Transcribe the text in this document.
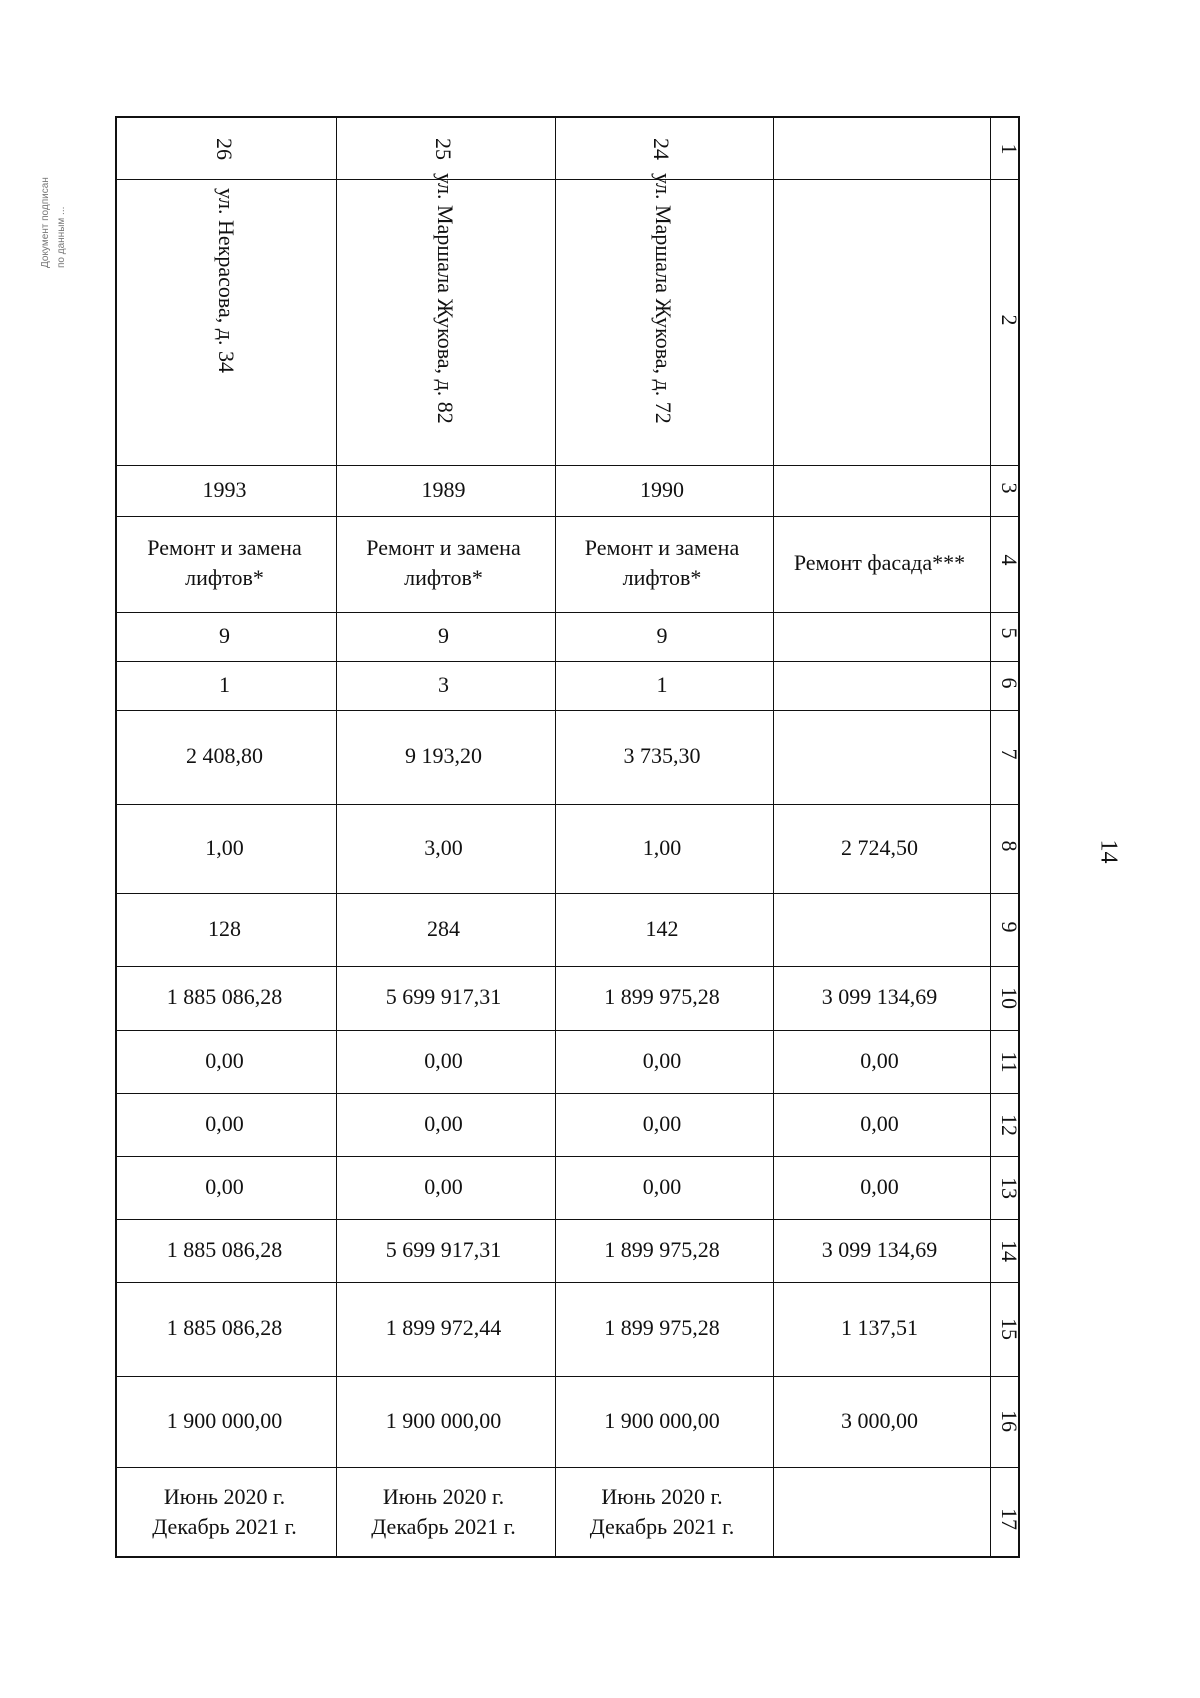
Документ подписан по данным ...
14
1
2
3
4
5
6
7
8
9
10
11
12
13
14
15
16
17
26
ул. Некрасова, д. 34
1993
Ремонт и замена
лифтов*
9
1
2 408,80
1,00
128
1 885 086,28
0,00
0,00
0,00
1 885 086,28
1 885 086,28
1 900 000,00
Июнь 2020 г.
Декабрь 2021 г.
25
ул. Маршала Жукова, д. 82
1989
Ремонт и замена
лифтов*
9
3
9 193,20
3,00
284
5 699 917,31
0,00
0,00
0,00
5 699 917,31
1 899 972,44
1 900 000,00
Июнь 2020 г.
Декабрь 2021 г.
24
ул. Маршала Жукова, д. 72
1990
Ремонт и замена
лифтов*
9
1
3 735,30
1,00
142
1 899 975,28
0,00
0,00
0,00
1 899 975,28
1 899 975,28
1 900 000,00
Июнь 2020 г.
Декабрь 2021 г.
Ремонт фасада***
2 724,50
3 099 134,69
0,00
0,00
0,00
3 099 134,69
1 137,51
3 000,00
